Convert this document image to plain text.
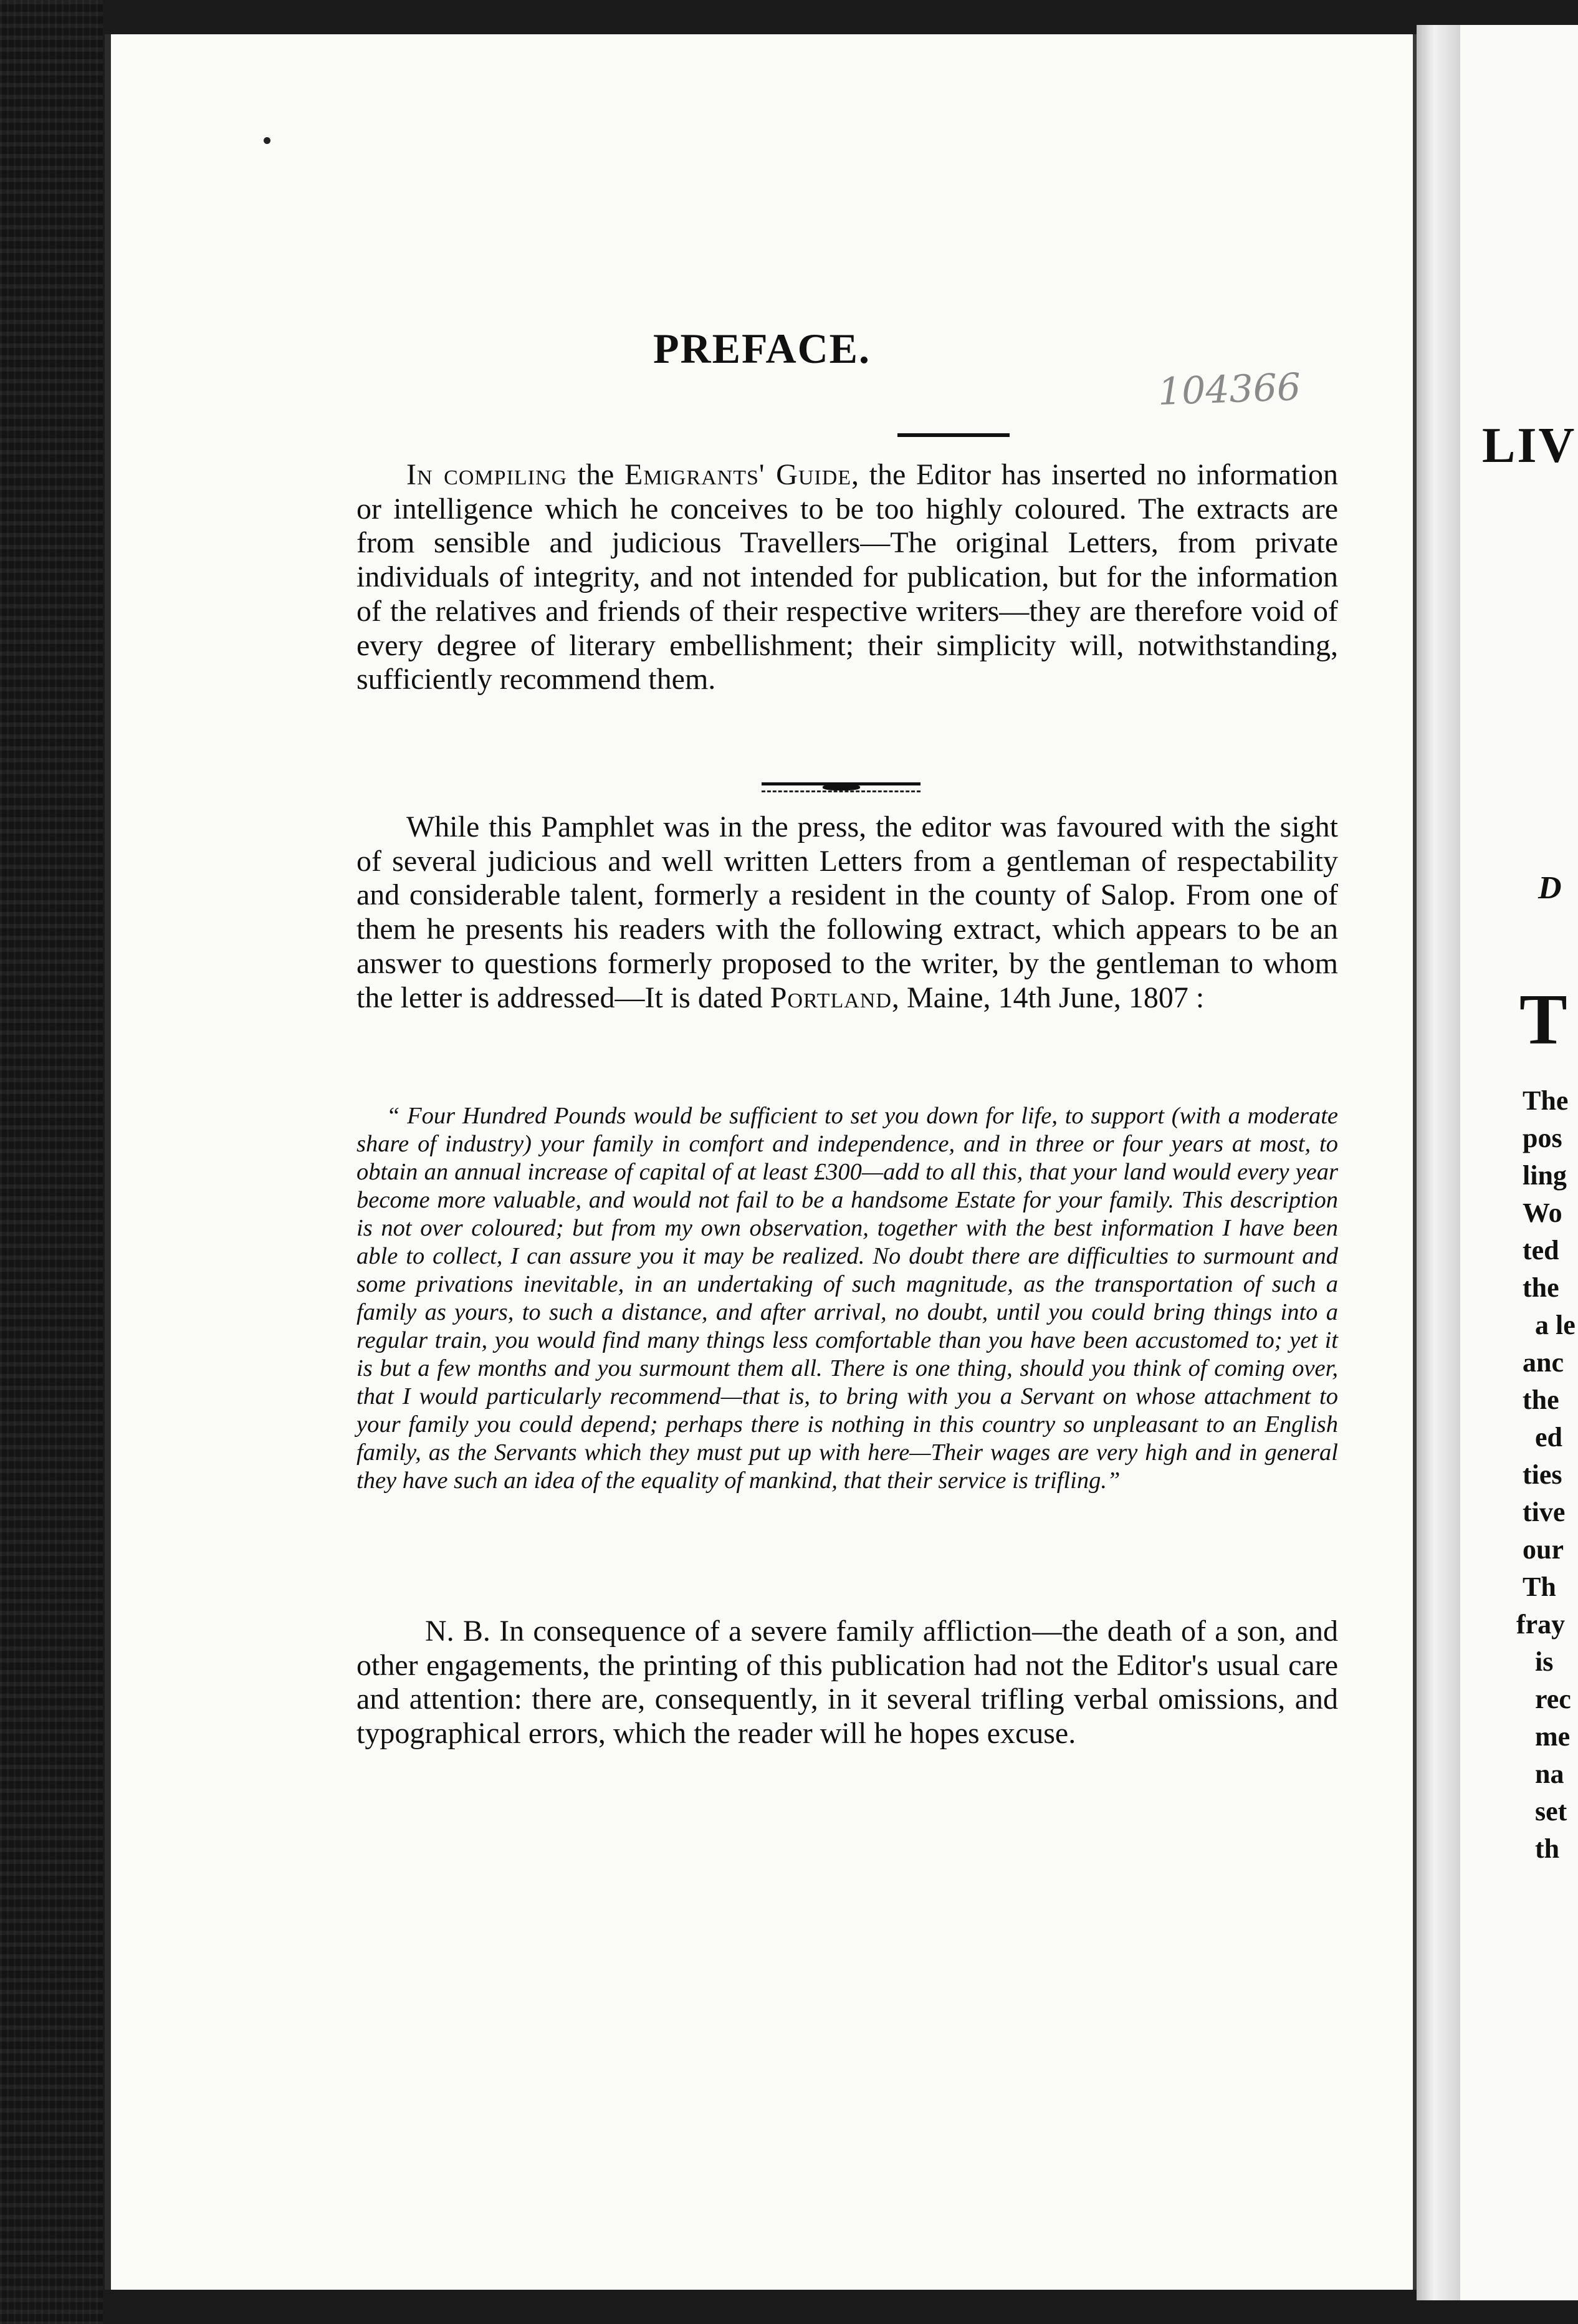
PREFACE.
104366

In compiling the Emigrants' Guide, the Editor has inserted no information or intelligence which he conceives to be too highly coloured. The extracts are from sensible and judicious Travellers—The original Letters, from private individuals of integrity, and not intended for publication, but for the information of the relatives and friends of their respective writers—they are therefore void of every degree of literary embellishment; their simplicity will, notwithstanding, sufficiently recommend them.

While this Pamphlet was in the press, the editor was favoured with the sight of several judicious and well written Letters from a gentleman of respectability and considerable talent, formerly a resident in the county of Salop. From one of them he presents his readers with the following extract, which appears to be an answer to questions formerly proposed to the writer, by the gentleman to whom the letter is addressed—It is dated Portland, Maine, 14th June, 1807 :

“ Four Hundred Pounds would be sufficient to set you down for life, to support (with a moderate share of industry) your family in comfort and independence, and in three or four years at most, to obtain an annual increase of capital of at least £300—add to all this, that your land would every year become more valuable, and would not fail to be a handsome Estate for your family. This description is not over coloured; but from my own observation, together with the best information I have been able to collect, I can assure you it may be realized. No doubt there are difficulties to surmount and some privations inevitable, in an undertaking of such magnitude, as the transportation of such a family as yours, to such a distance, and after arrival, no doubt, until you could bring things into a regular train, you would find many things less comfortable than you have been accustomed to; yet it is but a few months and you surmount them all. There is one thing, should you think of coming over, that I would particularly recommend—that is, to bring with you a Servant on whose attachment to your family you could depend; perhaps there is nothing in this country so unpleasant to an English family, as the Servants which they must put up with here—Their wages are very high and in general they have such an idea of the equality of mankind, that their service is trifling.”

N. B. In consequence of a severe family affliction—the death of a son, and other engagements, the printing of this publication had not the Editor's usual care and attention: there are, consequently, in it several trifling verbal omissions, and typographical errors, which the reader will he hopes excuse.

LIV
D
T
The
pos
ling
Wo
ted
the
a le
anc
the
ed
ties
tive
our
Th
fray
is
rec
me
na
set
th
